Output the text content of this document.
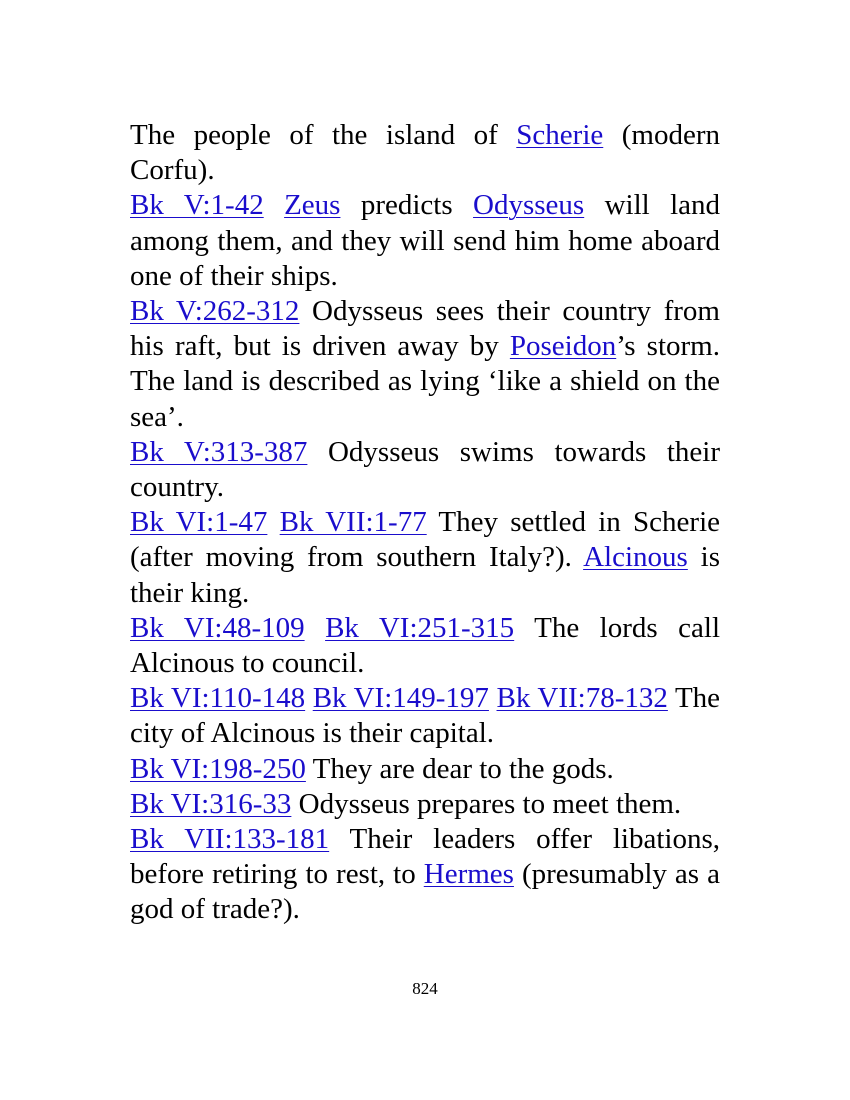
The people of the island of Scherie (modern Corfu).
Bk V:1-42 Zeus predicts Odysseus will land among them, and they will send him home aboard one of their ships.
Bk V:262-312 Odysseus sees their country from his raft, but is driven away by Poseidon’s storm. The land is described as lying ‘like a shield on the sea’.
Bk V:313-387 Odysseus swims towards their country.
Bk VI:1-47 Bk VII:1-77 They settled in Scherie (after moving from southern Italy?). Alcinous is their king.
Bk VI:48-109 Bk VI:251-315 The lords call Alcinous to council.
Bk VI:110-148 Bk VI:149-197 Bk VII:78-132 The city of Alcinous is their capital.
Bk VI:198-250 They are dear to the gods.
Bk VI:316-33 Odysseus prepares to meet them.
Bk VII:133-181 Their leaders offer libations, before retiring to rest, to Hermes (presumably as a god of trade?).
824
